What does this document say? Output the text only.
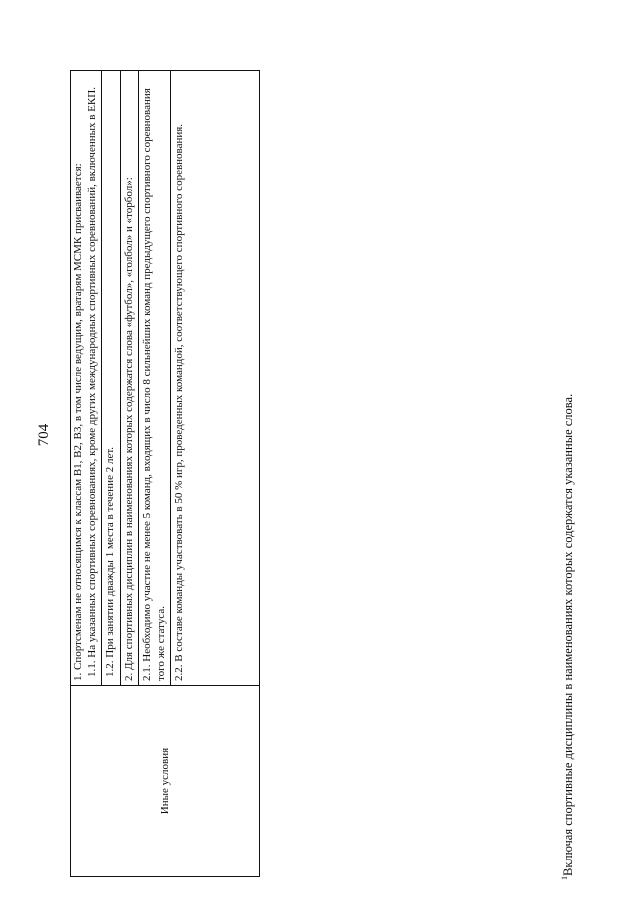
704
Иные условия
1. Спортсменам не относящимся к классам В1, В2, В3, в том числе ведущим, вратарям МСМК присваивается: 1.1. На указанных спортивных соревнованиях, кроме других международных спортивных соревнований, включенных в ЕКП. 1.2. При занятии дважды 1 места в течение 2 лет. 2. Для спортивных дисциплин в наименованиях которых содержатся слова «футбол», «голбол» и «торбол»: 2.1. Необходимо участие не менее 5 команд, входящих в число 8 сильнейших команд предыдущего спортивного соревнования того же статуса. 2.2. В составе команды участвовать в 50 % игр, проведенных командой, соответствующего спортивного соревнования.
$^1$Включая спортивные дисциплины в наименованиях которых содержатся указанные слова.
